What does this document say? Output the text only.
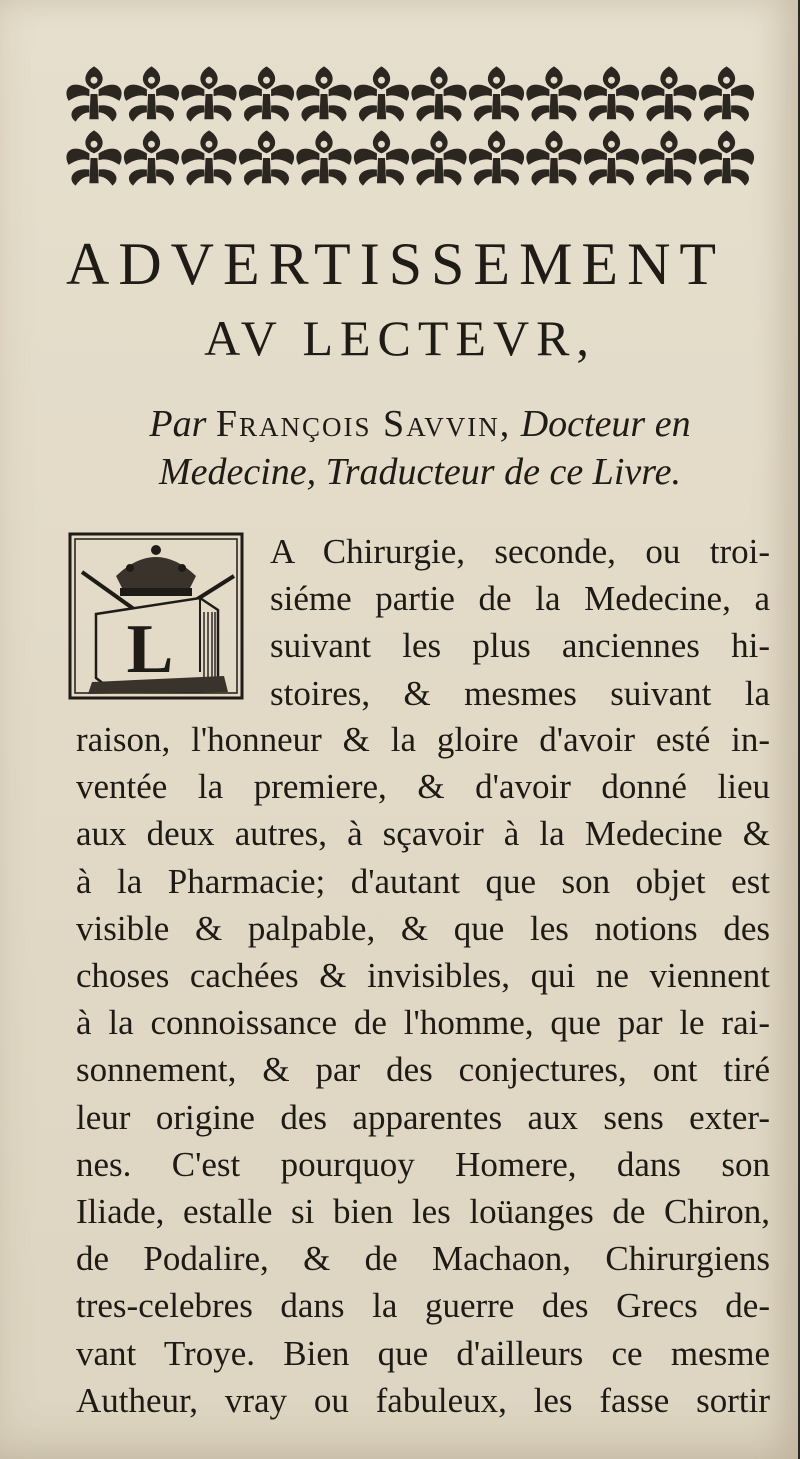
ADVERTISSEMENT
AV LECTEVR,
Par François Savvin, Docteur en
Medecine, Traducteur de ce Livre.
L
A Chirurgie, seconde, ou troi-
siéme partie de la Medecine, a
suivant les plus anciennes hi-
stoires, & mesmes suivant la
raison, l'honneur & la gloire d'avoir esté in-
ventée la premiere, & d'avoir donné lieu
aux deux autres, à sçavoir à la Medecine &
à la Pharmacie; d'autant que son objet est
visible & palpable, & que les notions des
choses cachées & invisibles, qui ne viennent
à la connoissance de l'homme, que par le rai-
sonnement, & par des conjectures, ont tiré
leur origine des apparentes aux sens exter-
nes. C'est pourquoy Homere, dans son
Iliade, estalle si bien les loüanges de Chiron,
de Podalire, & de Machaon, Chirurgiens
tres-celebres dans la guerre des Grecs de-
vant Troye. Bien que d'ailleurs ce mesme
Autheur, vray ou fabuleux, les fasse sortir
